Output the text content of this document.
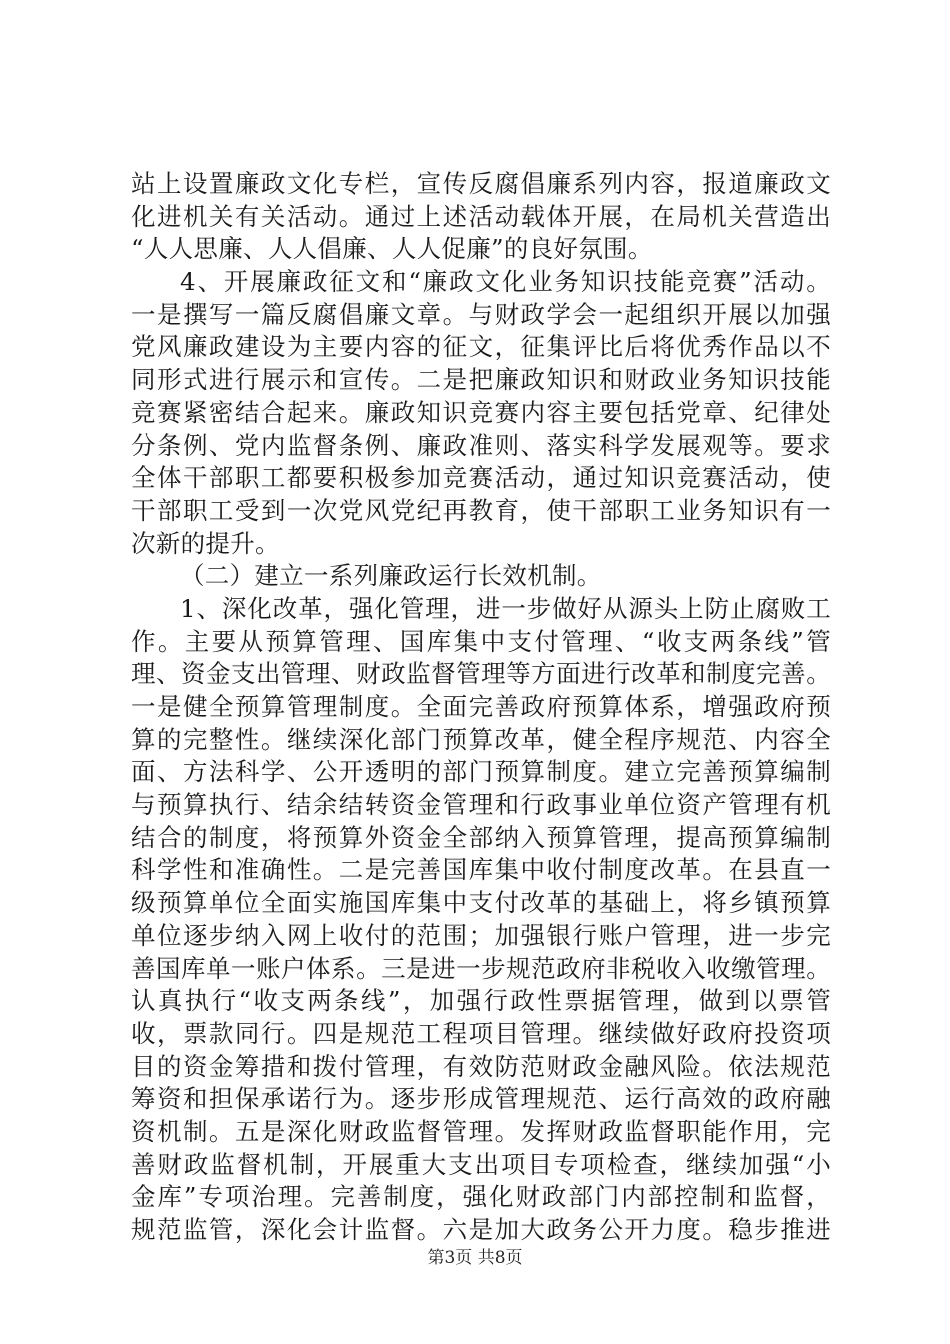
站上设置廉政文化专栏，宣传反腐倡廉系列内容，报道廉政文
化进机关有关活动。通过上述活动载体开展，在局机关营造出
“人人思廉、人人倡廉、人人促廉”的良好氛围。
4、开展廉政征文和“廉政文化业务知识技能竞赛”活动。
一是撰写一篇反腐倡廉文章。与财政学会一起组织开展以加强
党风廉政建设为主要内容的征文，征集评比后将优秀作品以不
同形式进行展示和宣传。二是把廉政知识和财政业务知识技能
竞赛紧密结合起来。廉政知识竞赛内容主要包括党章、纪律处
分条例、党内监督条例、廉政准则、落实科学发展观等。要求
全体干部职工都要积极参加竞赛活动，通过知识竞赛活动，使
干部职工受到一次党风党纪再教育，使干部职工业务知识有一
次新的提升。
（二）建立一系列廉政运行长效机制。
1、深化改革，强化管理，进一步做好从源头上防止腐败工
作。主要从预算管理、国库集中支付管理、“收支两条线”管
理、资金支出管理、财政监督管理等方面进行改革和制度完善。
一是健全预算管理制度。全面完善政府预算体系，增强政府预
算的完整性。继续深化部门预算改革，健全程序规范、内容全
面、方法科学、公开透明的部门预算制度。建立完善预算编制
与预算执行、结余结转资金管理和行政事业单位资产管理有机
结合的制度，将预算外资金全部纳入预算管理，提高预算编制
科学性和准确性。二是完善国库集中收付制度改革。在县直一
级预算单位全面实施国库集中支付改革的基础上，将乡镇预算
单位逐步纳入网上收付的范围；加强银行账户管理，进一步完
善国库单一账户体系。三是进一步规范政府非税收入收缴管理。
认真执行“收支两条线”，加强行政性票据管理，做到以票管
收，票款同行。四是规范工程项目管理。继续做好政府投资项
目的资金筹措和拨付管理，有效防范财政金融风险。依法规范
筹资和担保承诺行为。逐步形成管理规范、运行高效的政府融
资机制。五是深化财政监督管理。发挥财政监督职能作用，完
善财政监督机制，开展重大支出项目专项检查，继续加强“小
金库”专项治理。完善制度，强化财政部门内部控制和监督，
规范监管，深化会计监督。六是加大政务公开力度。稳步推进
第3页 共8页
